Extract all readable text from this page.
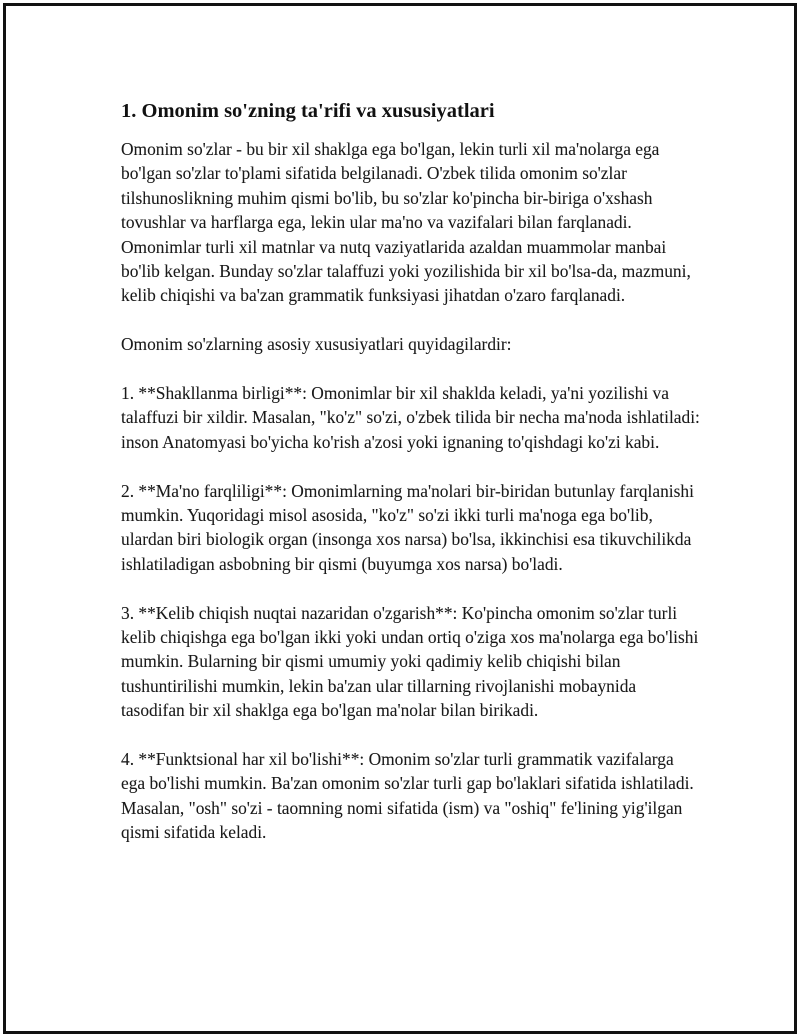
1. Omonim so'zning ta'rifi va xususiyatlari

Omonim so'zlar - bu bir xil shaklga ega bo'lgan, lekin turli xil ma'nolarga ega bo'lgan so'zlar to'plami sifatida belgilanadi. O'zbek tilida omonim so'zlar tilshunoslikning muhim qismi bo'lib, bu so'zlar ko'pincha bir-biriga o'xshash tovushlar va harflarga ega, lekin ular ma'no va vazifalari bilan farqlanadi. Omonimlar turli xil matnlar va nutq vaziyatlarida azaldan muammolar manbai bo'lib kelgan. Bunday so'zlar talaffuzi yoki yozilishida bir xil bo'lsa-da, mazmuni, kelib chiqishi va ba'zan grammatik funksiyasi jihatdan o'zaro farqlanadi.

Omonim so'zlarning asosiy xususiyatlari quyidagilardir:

1. **Shakllanma birligi**: Omonimlar bir xil shaklda keladi, ya'ni yozilishi va talaffuzi bir xildir. Masalan, "ko'z" so'zi, o'zbek tilida bir necha ma'noda ishlatiladi: inson Anatomyasi bo'yicha ko'rish a'zosi yoki ignaning to'qishdagi ko'zi kabi.

2. **Ma'no farqliligi**: Omonimlarning ma'nolari bir-biridan butunlay farqlanishi mumkin. Yuqoridagi misol asosida, "ko'z" so'zi ikki turli ma'noga ega bo'lib, ulardan biri biologik organ (insonga xos narsa) bo'lsa, ikkinchisi esa tikuvchilikda ishlatiladigan asbobning bir qismi (buyumga xos narsa) bo'ladi.

3. **Kelib chiqish nuqtai nazaridan o'zgarish**: Ko'pincha omonim so'zlar turli kelib chiqishga ega bo'lgan ikki yoki undan ortiq o'ziga xos ma'nolarga ega bo'lishi mumkin. Bularning bir qismi umumiy yoki qadimiy kelib chiqishi bilan tushuntirilishi mumkin, lekin ba'zan ular tillarning rivojlanishi mobaynida tasodifan bir xil shaklga ega bo'lgan ma'nolar bilan birikadi.

4. **Funktsional har xil bo'lishi**: Omonim so'zlar turli grammatik vazifalarga ega bo'lishi mumkin. Ba'zan omonim so'zlar turli gap bo'laklari sifatida ishlatiladi. Masalan, "osh" so'zi - taomning nomi sifatida (ism) va "oshiq" fe'lining yig'ilgan qismi sifatida keladi.
